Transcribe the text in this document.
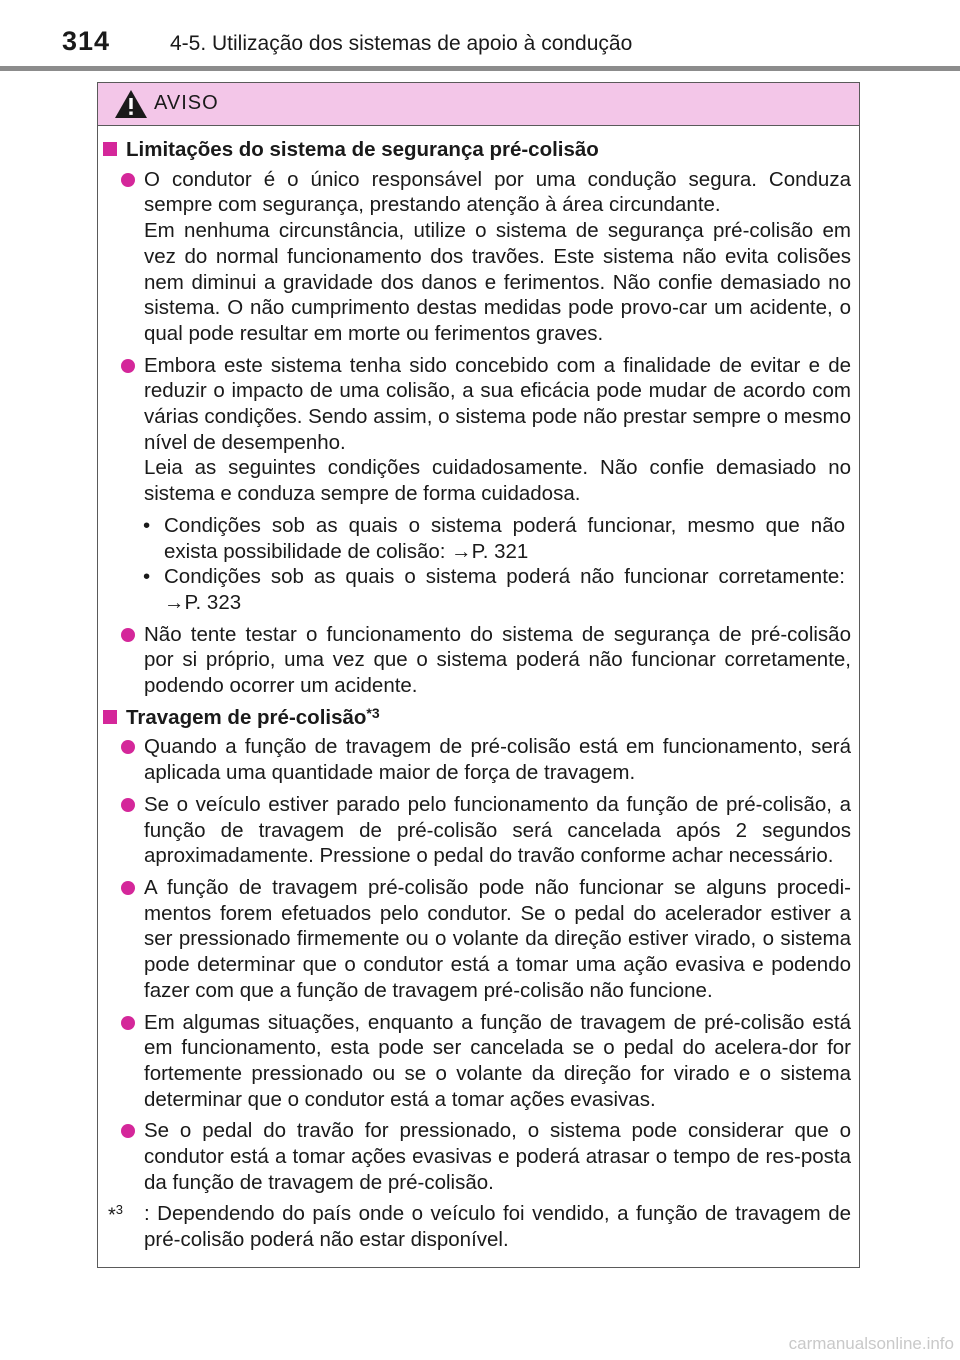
314	4-5. Utilização dos sistemas de apoio à condução
AVISO
Limitações do sistema de segurança pré-colisão

O condutor é o único responsável por uma condução segura. Conduza sempre com segurança, prestando atenção à área circundante.

Em nenhuma circunstância, utilize o sistema de segurança pré-colisão em vez do normal funcionamento dos travões. Este sistema não evita colisões nem diminui a gravidade dos danos e ferimentos. Não confie demasiado no sistema. O não cumprimento destas medidas pode provo-car um acidente, o qual pode resultar em morte ou ferimentos graves.

Embora este sistema tenha sido concebido com a finalidade de evitar e de reduzir o impacto de uma colisão, a sua eficácia pode mudar de acordo com várias condições. Sendo assim, o sistema pode não prestar sempre o mesmo nível de desempenho.

Leia as seguintes condições cuidadosamente. Não confie demasiado no sistema e conduza sempre de forma cuidadosa.

• Condições sob as quais o sistema poderá funcionar, mesmo que não exista possibilidade de colisão: →P. 321
• Condições sob as quais o sistema poderá não funcionar corretamente: →P. 323

Não tente testar o funcionamento do sistema de segurança de pré-colisão por si próprio, uma vez que o sistema poderá não funcionar corretamente, podendo ocorrer um acidente.

Travagem de pré-colisão$^{*3}$

Quando a função de travagem de pré-colisão está em funcionamento, será aplicada uma quantidade maior de força de travagem.

Se o veículo estiver parado pelo funcionamento da função de pré-colisão, a função de travagem de pré-colisão será cancelada após 2 segundos aproximadamente. Pressione o pedal do travão conforme achar necessário.

A função de travagem pré-colisão pode não funcionar se alguns procedi-mentos forem efetuados pelo condutor. Se o pedal do acelerador estiver a ser pressionado firmemente ou o volante da direção estiver virado, o sistema pode determinar que o condutor está a tomar uma ação evasiva e podendo fazer com que a função de travagem pré-colisão não funcione.

Em algumas situações, enquanto a função de travagem de pré-colisão está em funcionamento, esta pode ser cancelada se o pedal do acelera-dor for fortemente pressionado ou se o volante da direção for virado e o sistema determinar que o condutor está a tomar ações evasivas.

Se o pedal do travão for pressionado, o sistema pode considerar que o condutor está a tomar ações evasivas e poderá atrasar o tempo de res-posta da função de travagem de pré-colisão.

*$^3$ : Dependendo do país onde o veículo foi vendido, a função de travagem de pré-colisão poderá não estar disponível.
carmanualsonline.info
